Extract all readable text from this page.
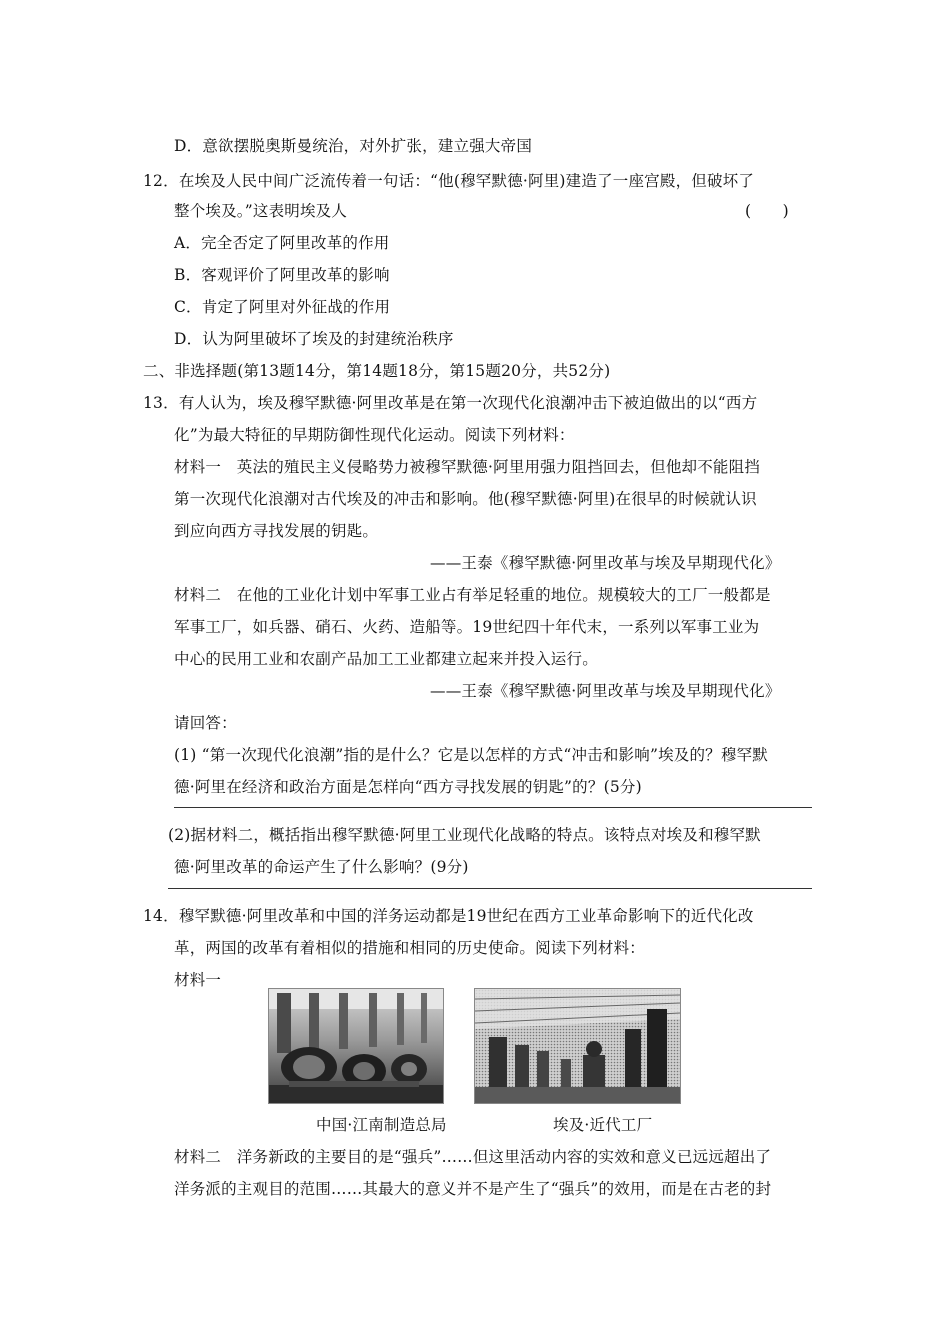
D．意欲摆脱奥斯曼统治，对外扩张，建立强大帝国
12．在埃及人民中间广泛流传着一句话：“他(穆罕默德·阿里)建造了一座宫殿，但破坏了
整个埃及。”这表明埃及人	(　　)
A．完全否定了阿里改革的作用
B．客观评价了阿里改革的影响
C．肯定了阿里对外征战的作用
D．认为阿里破坏了埃及的封建统治秩序
二、非选择题(第13题14分，第14题18分，第15题20分，共52分)
13．有人认为，埃及穆罕默德·阿里改革是在第一次现代化浪潮冲击下被迫做出的以“西方
化”为最大特征的早期防御性现代化运动。阅读下列材料：
材料一　英法的殖民主义侵略势力被穆罕默德·阿里用强力阻挡回去，但他却不能阻挡
第一次现代化浪潮对古代埃及的冲击和影响。他(穆罕默德·阿里)在很早的时候就认识
到应向西方寻找发展的钥匙。
——王泰《穆罕默德·阿里改革与埃及早期现代化》
材料二　在他的工业化计划中军事工业占有举足轻重的地位。规模较大的工厂一般都是
军事工厂，如兵器、硝石、火药、造船等。19世纪四十年代末，一系列以军事工业为
中心的民用工业和农副产品加工工业都建立起来并投入运行。
——王泰《穆罕默德·阿里改革与埃及早期现代化》
请回答：
(1) “第一次现代化浪潮”指的是什么？它是以怎样的方式“冲击和影响”埃及的？穆罕默
德·阿里在经济和政治方面是怎样向“西方寻找发展的钥匙”的？(5分)
(2)据材料二，概括指出穆罕默德·阿里工业现代化战略的特点。该特点对埃及和穆罕默
德·阿里改革的命运产生了什么影响？(9分)
14．穆罕默德·阿里改革和中国的洋务运动都是19世纪在西方工业革命影响下的近代化改
革，两国的改革有着相似的措施和相同的历史使命。阅读下列材料：
材料一
中国·江南制造总局	埃及·近代工厂
材料二　洋务新政的主要目的是“强兵”……但这里活动内容的实效和意义已远远超出了
洋务派的主观目的范围……其最大的意义并不是产生了“强兵”的效用，而是在古老的封
